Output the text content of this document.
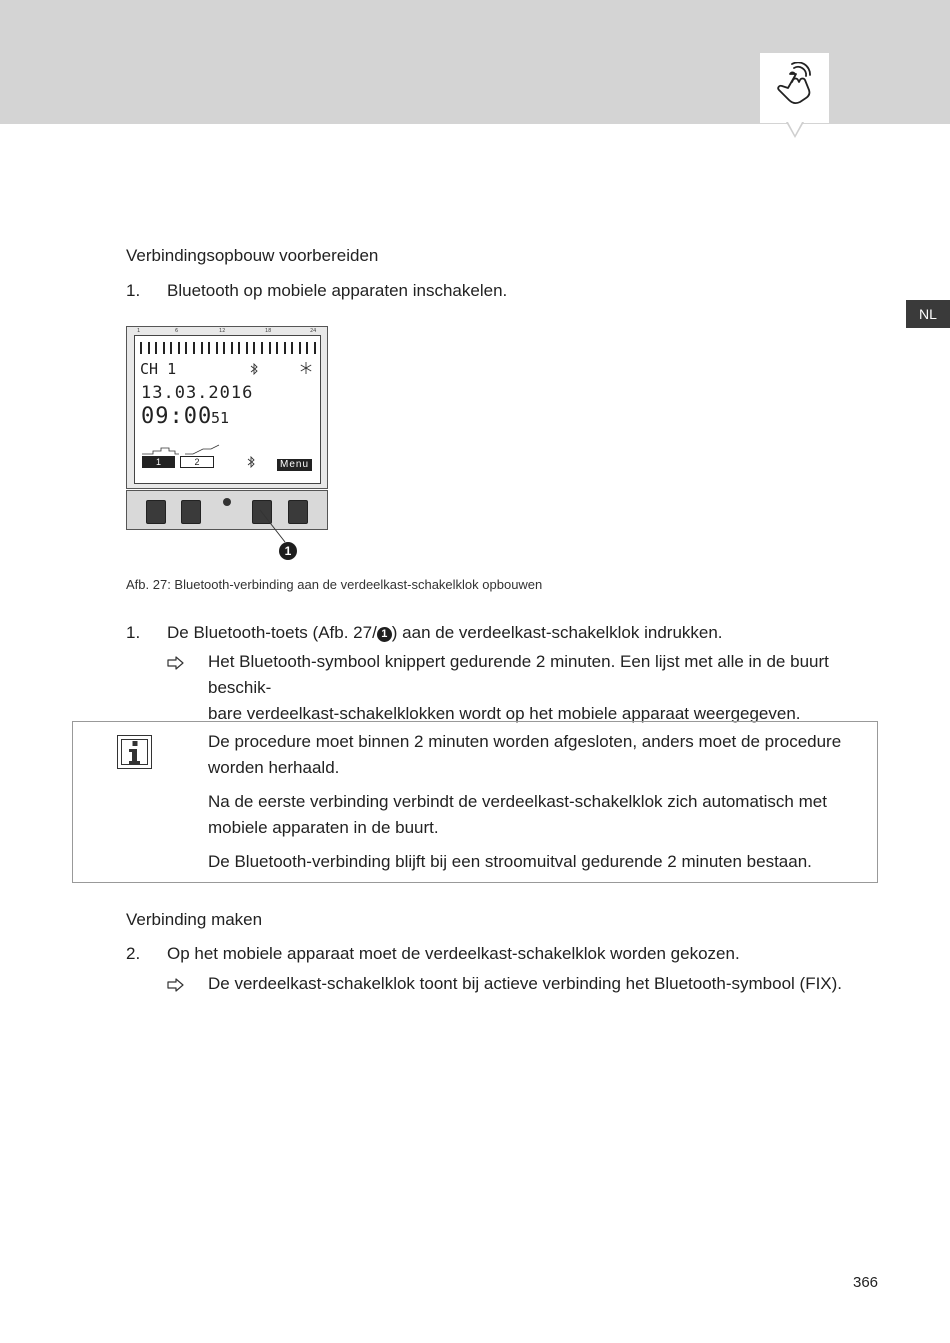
NL
Verbindingsopbouw voorbereiden
1. Bluetooth op mobiele apparaten inschakelen.
1	6	12	18	24
CH 1
13.03.2016
09:00
51
1	2	Menu
1
Afb. 27: Bluetooth-verbinding aan de verdeelkast-schakelklok opbouwen
1. De Bluetooth-toets (Afb. 27/ 1 ) aan de verdeelkast-schakelklok indrukken.
Het Bluetooth-symbool knippert gedurende 2 minuten. Een lijst met alle in de buurt beschik-
bare verdeelkast-schakelklokken wordt op het mobiele apparaat weergegeven.
De procedure moet binnen 2 minuten worden afgesloten, anders moet de procedure worden herhaald.
Na de eerste verbinding verbindt de verdeelkast-schakelklok zich automatisch met mobiele apparaten in de buurt.
De Bluetooth-verbinding blijft bij een stroomuitval gedurende 2 minuten bestaan.
Verbinding maken
2. Op het mobiele apparaat moet de verdeelkast-schakelklok worden gekozen.
De verdeelkast-schakelklok toont bij actieve verbinding het Bluetooth-symbool (FIX).
366
